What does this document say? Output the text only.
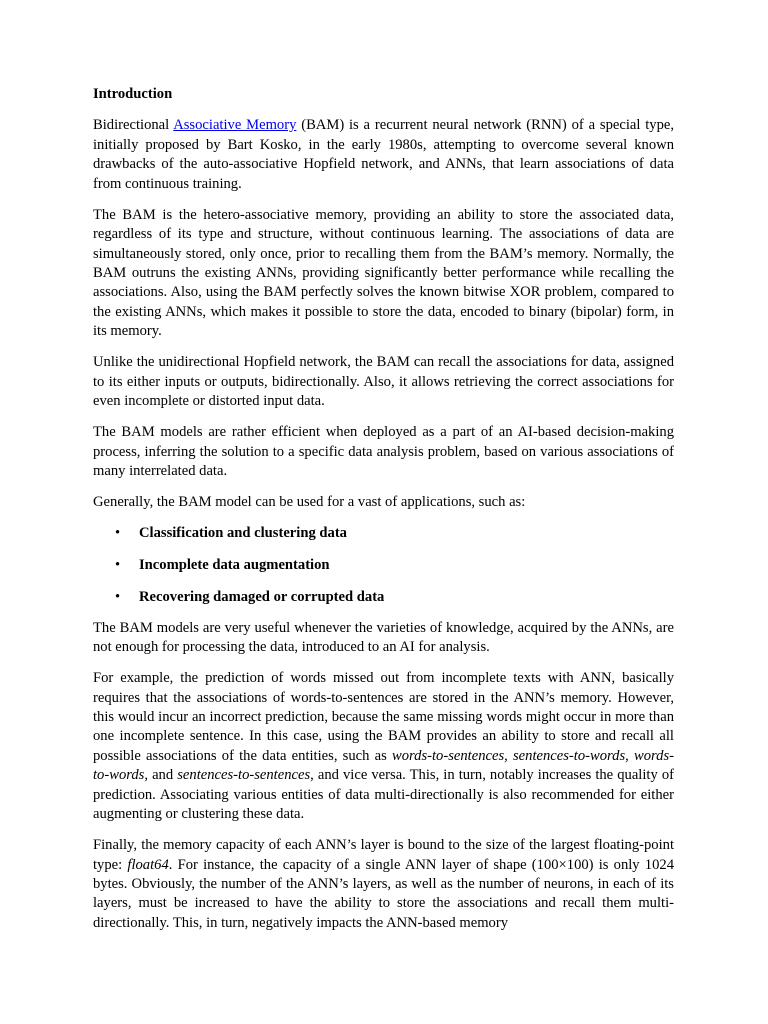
Introduction

Bidirectional Associative Memory (BAM) is a recurrent neural network (RNN) of a special type, initially proposed by Bart Kosko, in the early 1980s, attempting to overcome several known drawbacks of the auto-associative Hopfield network, and ANNs, that learn associations of data from continuous training.

The BAM is the hetero-associative memory, providing an ability to store the associated data, regardless of its type and structure, without continuous learning. The associations of data are simultaneously stored, only once, prior to recalling them from the BAM’s memory. Normally, the BAM outruns the existing ANNs, providing significantly better performance while recalling the associations. Also, using the BAM perfectly solves the known bitwise XOR problem, compared to the existing ANNs, which makes it possible to store the data, encoded to binary (bipolar) form, in its memory.

Unlike the unidirectional Hopfield network, the BAM can recall the associations for data, assigned to its either inputs or outputs, bidirectionally. Also, it allows retrieving the correct associations for even incomplete or distorted input data.

The BAM models are rather efficient when deployed as a part of an AI-based decision-making process, inferring the solution to a specific data analysis problem, based on various associations of many interrelated data.

Generally, the BAM model can be used for a vast of applications, such as:

• Classification and clustering data
• Incomplete data augmentation
• Recovering damaged or corrupted data

The BAM models are very useful whenever the varieties of knowledge, acquired by the ANNs, are not enough for processing the data, introduced to an AI for analysis.

For example, the prediction of words missed out from incomplete texts with ANN, basically requires that the associations of words-to-sentences are stored in the ANN’s memory. However, this would incur an incorrect prediction, because the same missing words might occur in more than one incomplete sentence. In this case, using the BAM provides an ability to store and recall all possible associations of the data entities, such as words-to-sentences, sentences-to-words, words-to-words, and sentences-to-sentences, and vice versa. This, in turn, notably increases the quality of prediction. Associating various entities of data multi-directionally is also recommended for either augmenting or clustering these data.

Finally, the memory capacity of each ANN’s layer is bound to the size of the largest floating-point type: float64. For instance, the capacity of a single ANN layer of shape (100×100) is only 1024 bytes. Obviously, the number of the ANN’s layers, as well as the number of neurons, in each of its layers, must be increased to have the ability to store the associations and recall them multi-directionally. This, in turn, negatively impacts the ANN-based memory
